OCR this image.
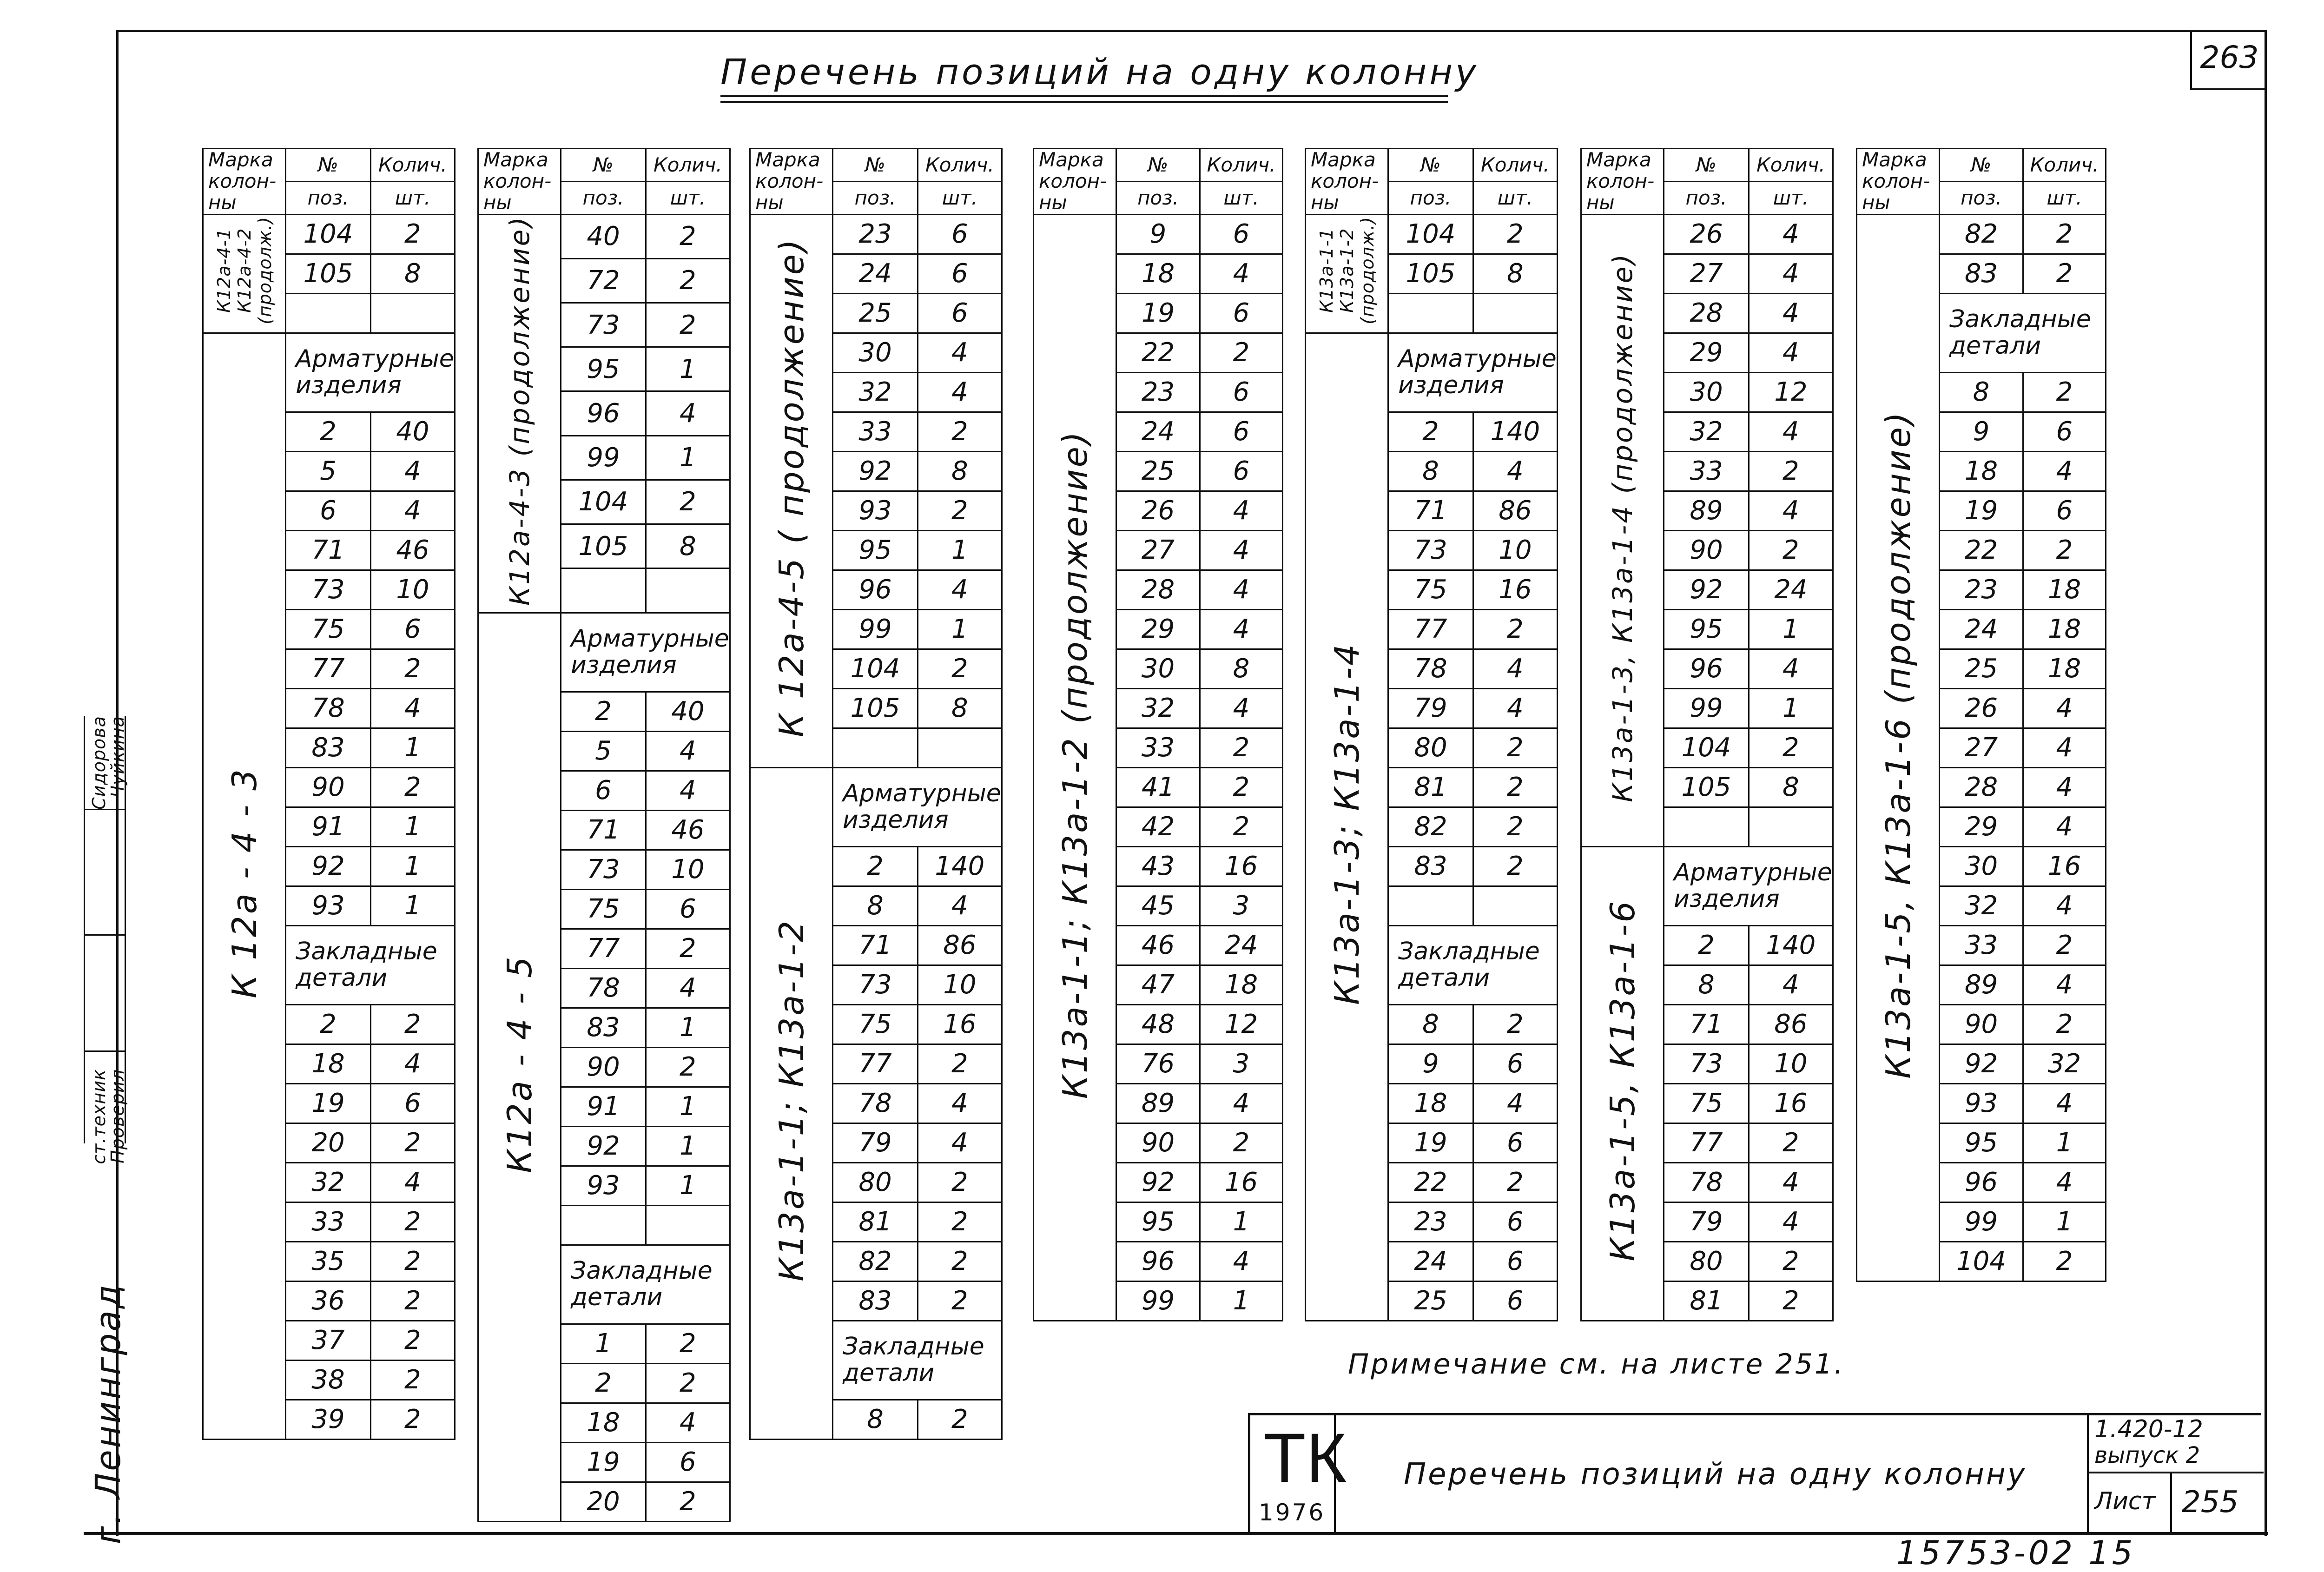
Перечень позиций на одну колонну	263
Марка колон- ны	№	Колич.
	поз.	шт.
К12а-4-1
К12а-4-2
(продолж.)	104	2
	105	8

К 12а - 4 - 3	Арматурные изделия	
	2	40
	5	4
	6	4
	71	46
	73	10
	75	6
	77	2
	78	4
	83	1
	90	2
	91	1
	92	1
	93	1
	Закладные детали	
	2	2
	18	4
	19	6
	20	2
	32	4
	33	2
	35	2
	36	2
	37	2
	38	2
	39	2
Марка колон- ны	№	Колич.
	поз.	шт.
К12а-4-3 (продолжение)	40	2
	72	2
	73	2
	95	1
	96	4
	99	1
	104	2
	105	8

К12а - 4 - 5	Арматурные изделия	
	2	40
	5	4
	6	4
	71	46
	73	10
	75	6
	77	2
	78	4
	83	1
	90	2
	91	1
	92	1
	93	1

	Закладные детали	
	1	2
	2	2
	18	4
	19	6
	20	2
Марка колон- ны	№	Колич.
	поз.	шт.
К 12а-4-5 ( продолжение)	23	6
	24	6
	25	6
	30	4
	32	4
	33	2
	92	8
	93	2
	95	1
	96	4
	99	1
	104	2
	105	8

К13а-1-1; К13а-1-2	Арматурные изделия	
	2	140
	8	4
	71	86
	73	10
	75	16
	77	2
	78	4
	79	4
	80	2
	81	2
	82	2
	83	2
	Закладные детали	
	8	2
Марка колон- ны	№	Колич.
	поз.	шт.
К13а-1-1; К13а-1-2 (продолжение)	9	6
	18	4
	19	6
	22	2
	23	6
	24	6
	25	6
	26	4
	27	4
	28	4
	29	4
	30	8
	32	4
	33	2
	41	2
	42	2
	43	16
	45	3
	46	24
	47	18
	48	12
	76	3
	89	4
	90	2
	92	16
	95	1
	96	4
	99	1
Марка колон- ны	№	Колич.
	поз.	шт.
К13а-1-1
К13а-1-2
(продолж.)	104	2
	105	8

К13а-1-3; К13а-1-4	Арматурные изделия	
	2	140
	8	4
	71	86
	73	10
	75	16
	77	2
	78	4
	79	4
	80	2
	81	2
	82	2
	83	2

	Закладные детали	
	8	2
	9	6
	18	4
	19	6
	22	2
	23	6
	24	6
	25	6
Марка колон- ны	№	Колич.
	поз.	шт.
К13а-1-3, К13а-1-4 (продолжение)	26	4
	27	4
	28	4
	29	4
	30	12
	32	4
	33	2
	89	4
	90	2
	92	24
	95	1
	96	4
	99	1
	104	2
	105	8

К13а-1-5, К13а-1-6	Арматурные изделия	
	2	140
	8	4
	71	86
	73	10
	75	16
	77	2
	78	4
	79	4
	80	2
	81	2
Марка колон- ны	№	Колич.
	поз.	шт.
К13а-1-5, К13а-1-6 (продолжение)	82	2
	83	2
	Закладные детали	
	8	2
	9	6
	18	4
	19	6
	22	2
	23	18
	24	18
	25	18
	26	4
	27	4
	28	4
	29	4
	30	16
	32	4
	33	2
	89	4
	90	2
	92	32
	93	4
	95	1
	96	4
	99	1
	104	2
Примечание см. на листе 251.
ТК
1976
Перечень позиций на одну колонну
1.420-12
выпуск 2
Лист 255
г. Ленинград
ст.техник
Проверил
Сидорова
Чуйкина
15753-02 15
